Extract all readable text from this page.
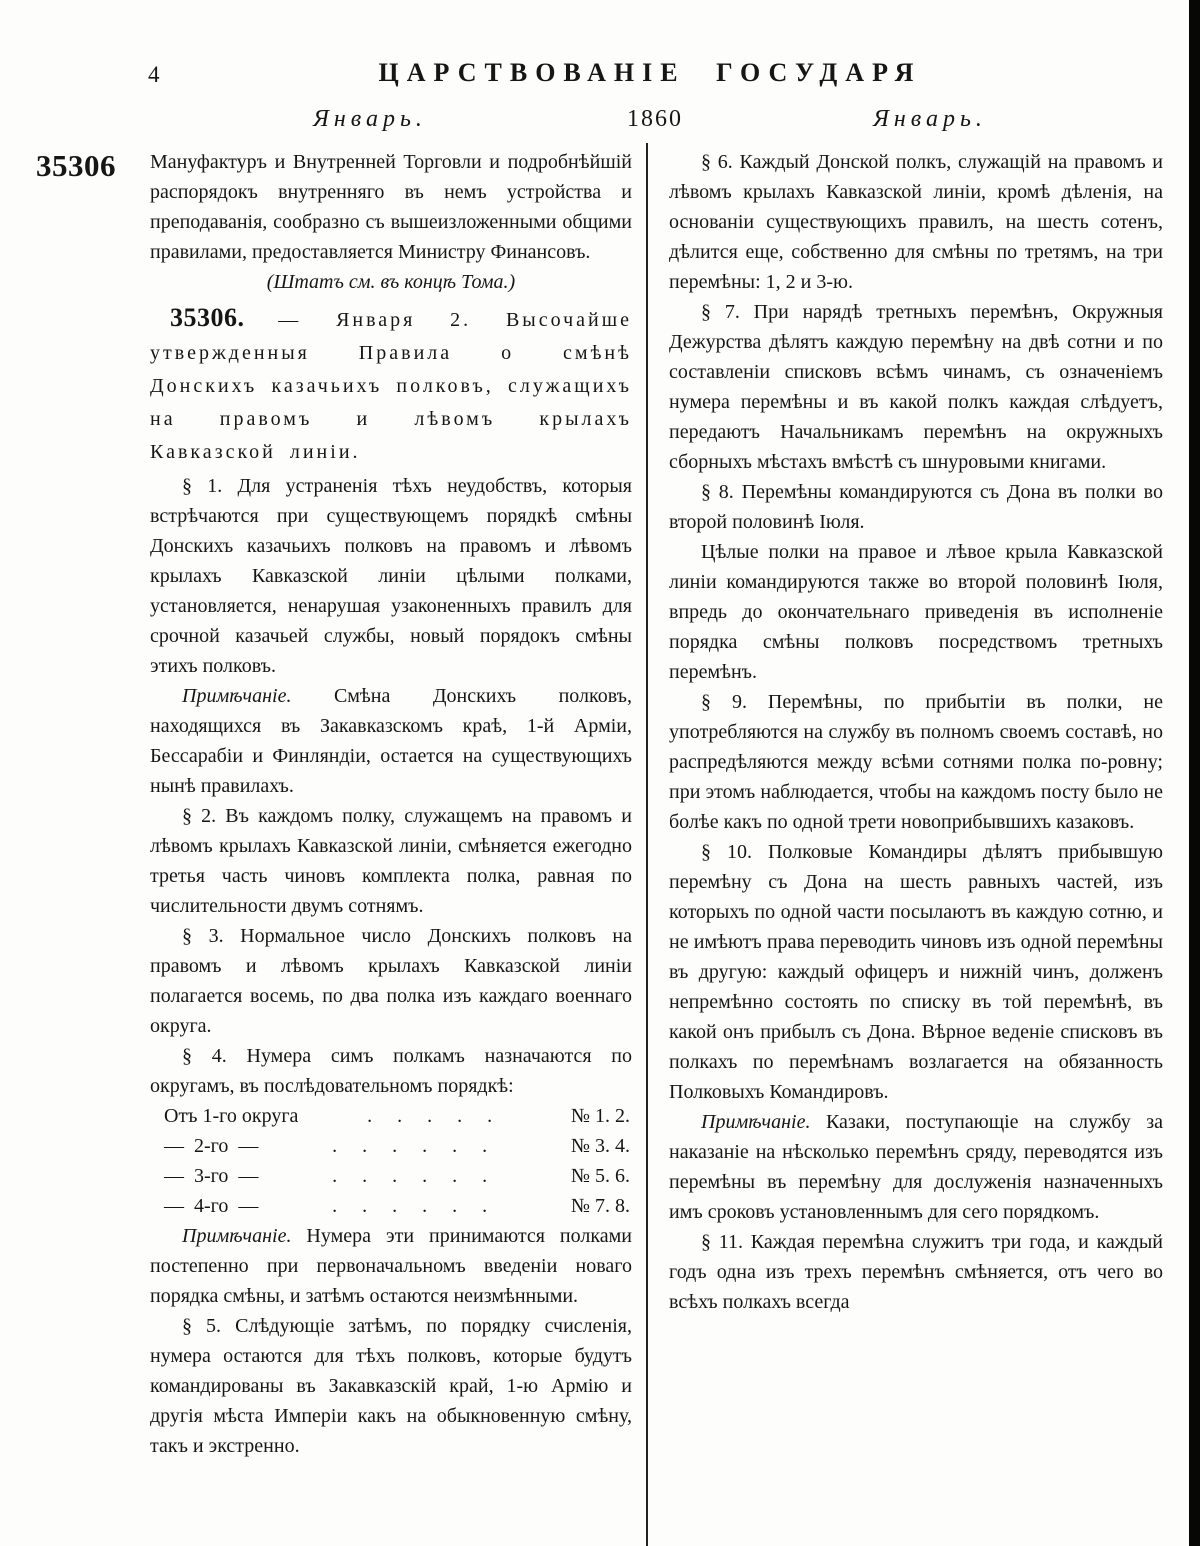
4	ЦАРСТВОВАНІЕ ГОСУДАРЯ
Январь.	1860	Январь.
35306 Мануфактуръ и Внутренней Торговли и подробнѣйшій распорядокъ внутренняго въ немъ устройства и преподаванія, сообразно съ вышеизложенными общими правилами, предоставляется Министру Финансовъ.

(Штатъ см. въ концѣ Тома.)

35306. — Января 2. Высочайше утвержденныя Правила о смѣнѣ Донскихъ казачьихъ полковъ, служащихъ на правомъ и лѣвомъ крылахъ Кавказской линіи.

§ 1. Для устраненія тѣхъ неудобствъ, которыя встрѣчаются при существующемъ порядкѣ смѣны Донскихъ казачьихъ полковъ на правомъ и лѣвомъ крылахъ Кавказской линіи цѣлыми полками, установляется, ненарушая узаконенныхъ правилъ для срочной казачьей службы, новый порядокъ смѣны этихъ полковъ.

Примѣчаніе. Смѣна Донскихъ полковъ, находящихся въ Закавказскомъ краѣ, 1-й Арміи, Бессарабіи и Финляндіи, остается на существующихъ нынѣ правилахъ.

§ 2. Въ каждомъ полку, служащемъ на правомъ и лѣвомъ крылахъ Кавказской линіи, смѣняется ежегодно третья часть чиновъ комплекта полка, равная по числительности двумъ сотнямъ.

§ 3. Нормальное число Донскихъ полковъ на правомъ и лѣвомъ крылахъ Кавказской линіи полагается восемь, по два полка изъ каждаго военнаго округа.

§ 4. Нумера симъ полкамъ назначаются по округамъ, въ послѣдовательномъ порядкѣ:

Отъ 1-го округа	. . . . .	№ 1. 2.
—  2-го  —	. . . . . .	№ 3. 4.
—  3-го  —	. . . . . .	№ 5. 6.
—  4-го  —	. . . . . .	№ 7. 8.

Примѣчаніе. Нумера эти принимаются полками постепенно при первоначальномъ введеніи новаго порядка смѣны, и затѣмъ остаются неизмѣнными.

§ 5. Слѣдующіе затѣмъ, по порядку счисленія, нумера остаются для тѣхъ полковъ, которые будутъ командированы въ Закавказскій край, 1-ю Армію и другія мѣста Имперіи какъ на обыкновенную смѣну, такъ и экстренно.

§ 6. Каждый Донской полкъ, служащій на правомъ и лѣвомъ крылахъ Кавказской линіи, кромѣ дѣленія, на основаніи существующихъ правилъ, на шесть сотенъ, дѣлится еще, собственно для смѣны по третямъ, на три перемѣны: 1, 2 и 3-ю.

§ 7. При нарядѣ третныхъ перемѣнъ, Окружныя Дежурства дѣлятъ каждую перемѣну на двѣ сотни и по составленіи списковъ всѣмъ чинамъ, съ означеніемъ нумера перемѣны и въ какой полкъ каждая слѣдуетъ, передаютъ Начальникамъ перемѣнъ на окружныхъ сборныхъ мѣстахъ вмѣстѣ съ шнуровыми книгами.

§ 8. Перемѣны командируются съ Дона въ полки во второй половинѣ Іюля.

Цѣлые полки на правое и лѣвое крыла Кавказской линіи командируются также во второй половинѣ Іюля, впредь до окончательнаго приведенія въ исполненіе порядка смѣны полковъ посредствомъ третныхъ перемѣнъ.

§ 9. Перемѣны, по прибытіи въ полки, не употребляются на службу въ полномъ своемъ составѣ, но распредѣляются между всѣми сотнями полка по-ровну; при этомъ наблюдается, чтобы на каждомъ посту было не болѣе какъ по одной трети новоприбывшихъ казаковъ.

§ 10. Полковые Командиры дѣлятъ прибывшую перемѣну съ Дона на шесть равныхъ частей, изъ которыхъ по одной части посылаютъ въ каждую сотню, и не имѣютъ права переводить чиновъ изъ одной перемѣны въ другую: каждый офицеръ и нижній чинъ, долженъ непремѣнно состоять по списку въ той перемѣнѣ, въ какой онъ прибылъ съ Дона. Вѣрное веденіе списковъ въ полкахъ по перемѣнамъ возлагается на обязанность Полковыхъ Командировъ.

Примѣчаніе. Казаки, поступающіе на службу за наказаніе на нѣсколько перемѣнъ сряду, переводятся изъ перемѣны въ перемѣну для дослуженія назначенныхъ имъ сроковъ установленнымъ для сего порядкомъ.

§ 11. Каждая перемѣна служитъ три года, и каждый годъ одна изъ трехъ перемѣнъ смѣняется, отъ чего во всѣхъ полкахъ всегда
